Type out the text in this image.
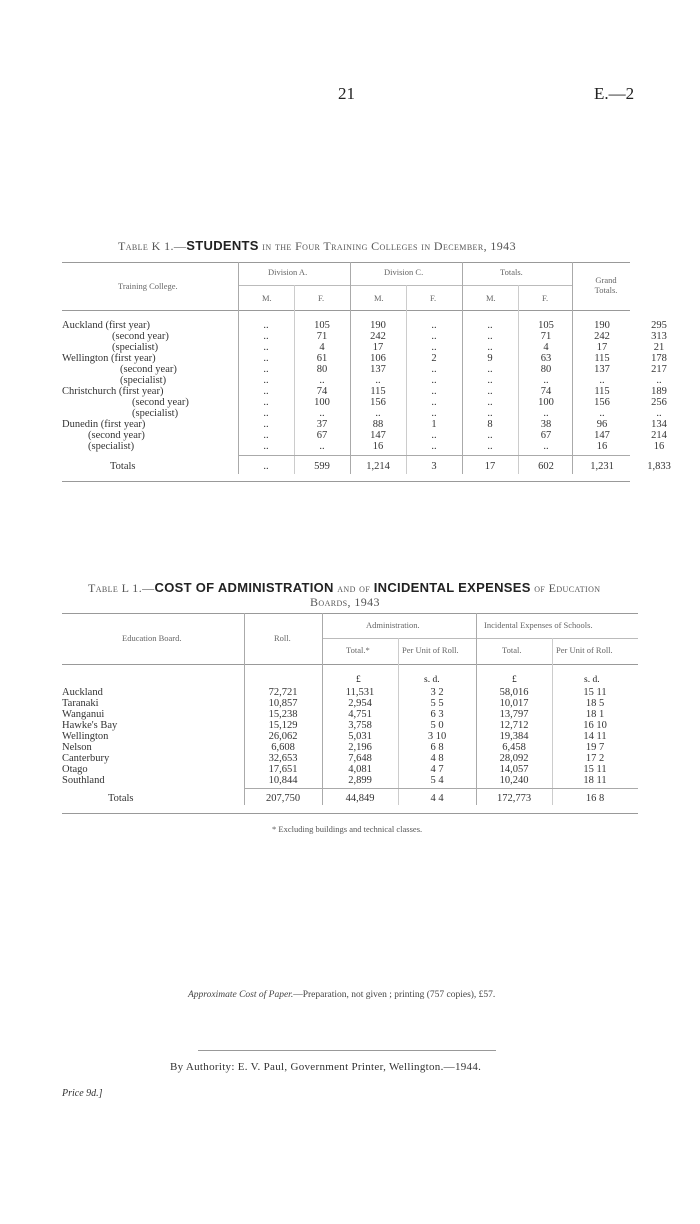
21	E.—2
Table K 1.—STUDENTS in the Four Training Colleges in December, 1943
Training College.
Division A.	Division C.	Totals.
Grand Totals.
M.	F.	M.	F.	M.	F.
Auckland (first year)	..	105	190	..	..	105	190	295
(second year)	..	71	242	..	..	71	242	313
(specialist)	..	4	17	..	..	4	17	21
Wellington (first year)	..	61	106	2	9	63	115	178
(second year)	..	80	137	..	..	80	137	217
(specialist)	..	..	..	..	..	..	..	..
Christchurch (first year)	..	74	115	..	..	74	115	189
(second year)	..	100	156	..	..	100	156	256
(specialist)	..	..	..	..	..	..	..	..
Dunedin (first year)	..	37	88	1	8	38	96	134
(second year)	..	67	147	..	..	67	147	214
(specialist)	..	..	16	..	..	..	16	16
Totals	..	599	1,214	3	17	602	1,231	1,833
Table L 1.—COST OF ADMINISTRATION and of INCIDENTAL EXPENSES of Education
Boards, 1943
Education Board.	Roll.
Administration.	Incidental Expenses of Schools.
Total.*	Per Unit of Roll.	Total.	Per Unit of Roll.
£	s. d.	£	s. d.
Auckland	72,721	11,531	3 2	58,016	15 11
Taranaki	10,857	2,954	5 5	10,017	18 5
Wanganui	15,238	4,751	6 3	13,797	18 1
Hawke's Bay	15,129	3,758	5 0	12,712	16 10
Wellington	26,062	5,031	3 10	19,384	14 11
Nelson	6,608	2,196	6 8	6,458	19 7
Canterbury	32,653	7,648	4 8	28,092	17 2
Otago	17,651	4,081	4 7	14,057	15 11
Southland	10,844	2,899	5 4	10,240	18 11
Totals	207,750	44,849	4 4	172,773	16 8
* Excluding buildings and technical classes.
Approximate Cost of Paper.—Preparation, not given ; printing (757 copies), £57.
By Authority: E. V. Paul, Government Printer, Wellington.—1944.
Price 9d.]
